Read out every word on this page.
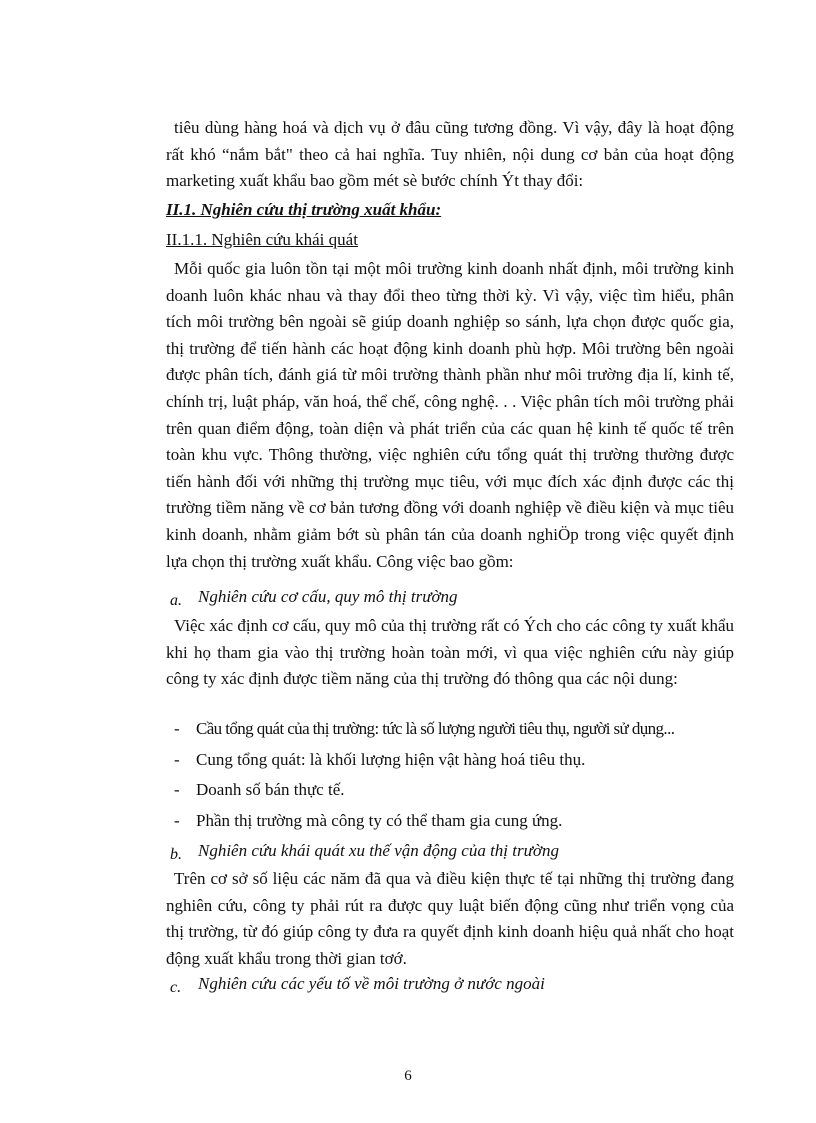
tiêu dùng hàng hoá và dịch vụ ở đâu cũng tương đồng. Vì vậy, đây là hoạt động rất khó “nắm bắt" theo cả hai nghĩa. Tuy nhiên, nội dung cơ bản của hoạt động marketing xuất khẩu bao gồm mét sè bước chính Ýt thay đổi:

II.1. Nghiên cứu thị trường xuất khẩu:

II.1.1. Nghiên cứu khái quát

Mỗi quốc gia luôn tồn tại một môi trường kinh doanh nhất định, môi trường kinh doanh luôn khác nhau và thay đổi theo từng thời kỳ. Vì vậy, việc tìm hiểu, phân tích môi trường bên ngoài sẽ giúp doanh nghiệp so sánh, lựa chọn được quốc gia, thị trường để tiến hành các hoạt động kinh doanh phù hợp. Môi trường bên ngoài được phân tích, đánh giá từ môi trường thành phần như môi trường địa lí, kinh tế, chính trị, luật pháp, văn hoá, thể chế, công nghệ. . . Việc phân tích môi trường phải trên quan điểm động, toàn diện và phát triển của các quan hệ kinh tế quốc tế trên toàn khu vực. Thông thường, việc nghiên cứu tổng quát thị trường thường được tiến hành đối với những thị trường mục tiêu, với mục đích xác định được các thị trường tiềm năng về cơ bản tương đồng với doanh nghiệp về điều kiện và mục tiêu kinh doanh, nhằm giảm bớt sù phân tán của doanh nghiÖp trong việc quyết định lựa chọn thị trường xuất khẩu. Công việc bao gồm:

a. Nghiên cứu cơ cấu, quy mô thị trường

Việc xác định cơ cấu, quy mô của thị trường rất có Ých cho các công ty xuất khẩu khi họ tham gia vào thị trường hoàn toàn mới, vì qua việc nghiên cứu này giúp công ty xác định được tiềm năng của thị trường đó thông qua các nội dung:

- Cầu tổng quát của thị trường: tức là số lượng người tiêu thụ, người sử dụng...

- Cung tổng quát: là khối lượng hiện vật hàng hoá tiêu thụ.

- Doanh số bán thực tế.

- Phần thị trường mà công ty có thể tham gia cung ứng.

b. Nghiên cứu khái quát xu thế vận động của thị trường

Trên cơ sở số liệu các năm đã qua và điều kiện thực tế tại những thị trường đang nghiên cứu, công ty phải rút ra được quy luật biến động cũng như triển vọng của thị trường, từ đó giúp công ty đưa ra quyết định kinh doanh hiệu quả nhất cho hoạt động xuất khẩu trong thời gian tơớ.

c. Nghiên cứu các yếu tố về môi trường ở nước ngoài

6
